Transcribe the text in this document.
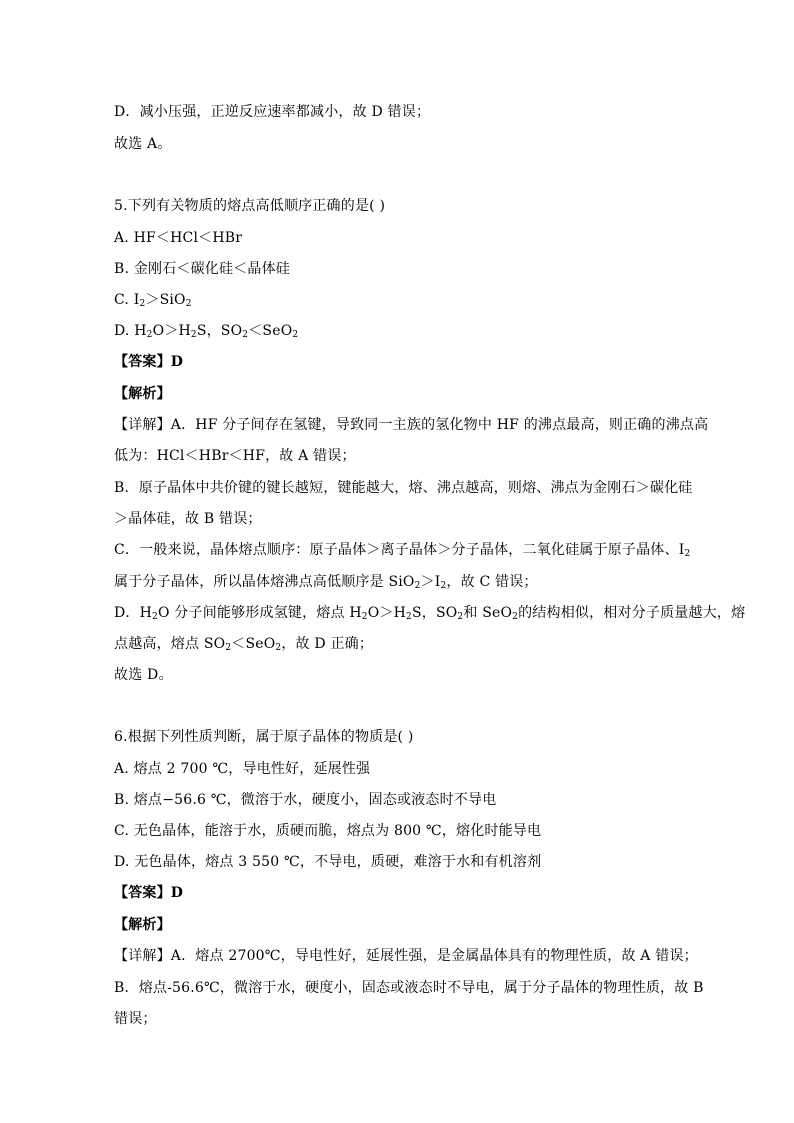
D．减小压强，正逆反应速率都减小，故 D 错误；
故选 A。
5.下列有关物质的熔点高低顺序正确的是( )
A. HF＜HCl＜HBr
B. 金刚石＜碳化硅＜晶体硅
C. $I_2>SiO_2$
D. $H_2O>H_2S$，$SO_2<SeO_2$
【答案】D
【解析】
【详解】A．HF 分子间存在氢键，导致同一主族的氢化物中 HF 的沸点最高，则正确的沸点高
低为：HCl＜HBr＜HF，故 A 错误；
B．原子晶体中共价键的键长越短，键能越大，熔、沸点越高，则熔、沸点为金刚石＞碳化硅
＞晶体硅，故 B 错误；
C．一般来说，晶体熔点顺序：原子晶体＞离子晶体＞分子晶体，二氧化硅属于原子晶体、$I_2$
属于分子晶体，所以晶体熔沸点高低顺序是 $SiO_2>I_2$，故 C 错误；
D．$H_2O$ 分子间能够形成氢键，熔点 $H_2O>H_2S$，$SO_2$和 SeO$_2$的结构相似，相对分子质量越大，熔
点越高，熔点 $SO_2<SeO_2$，故 D 正确；
故选 D。
6.根据下列性质判断，属于原子晶体的物质是( )
A. 熔点 2 700 ℃，导电性好，延展性强
B. 熔点−56.6 ℃，微溶于水，硬度小，固态或液态时不导电
C. 无色晶体，能溶于水，质硬而脆，熔点为 800 ℃，熔化时能导电
D. 无色晶体，熔点 3 550 ℃，不导电，质硬，难溶于水和有机溶剂
【答案】D
【解析】
【详解】A．熔点 2700℃，导电性好，延展性强，是金属晶体具有的物理性质，故 A 错误；
B．熔点-56.6℃，微溶于水，硬度小，固态或液态时不导电，属于分子晶体的物理性质，故 B
错误；
